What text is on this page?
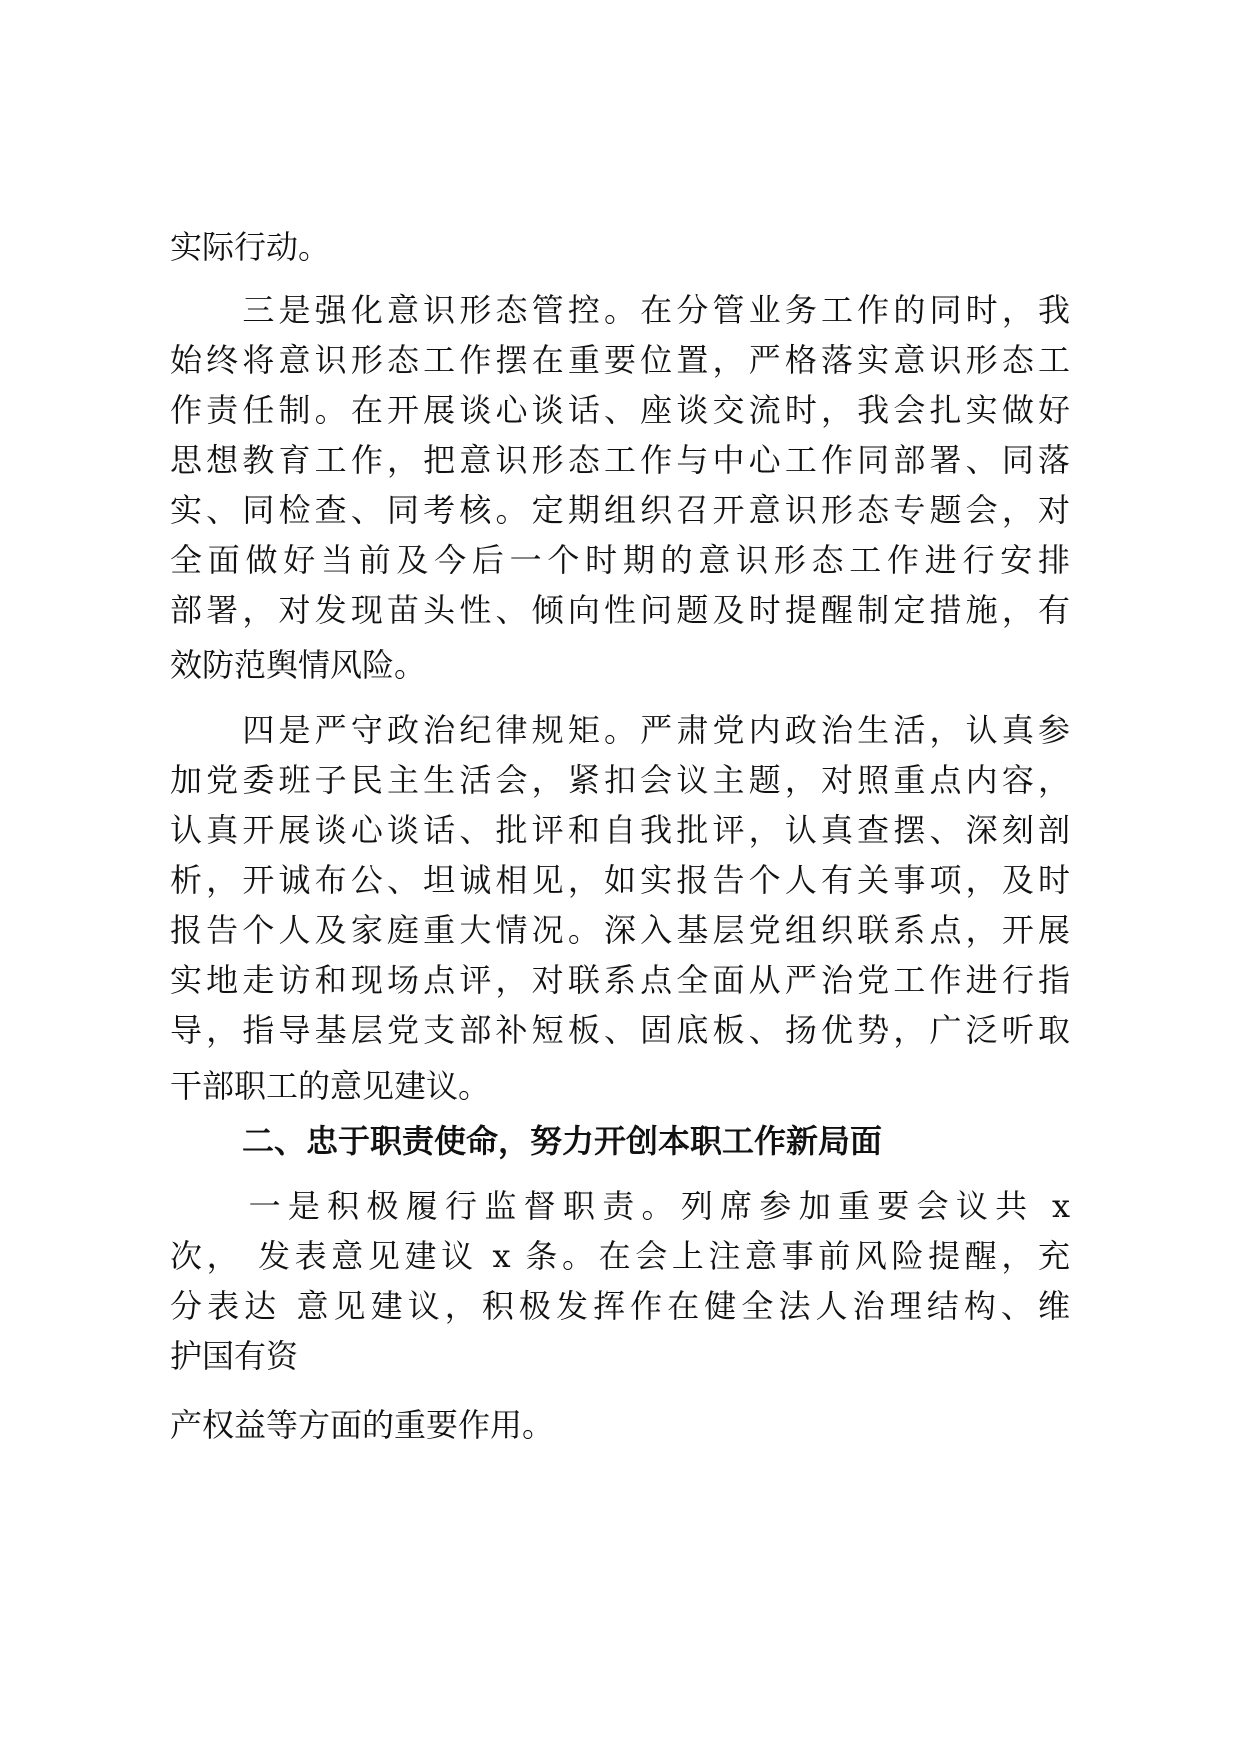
实际行动。
　　三是强化意识形态管控。在分管业务工作的同时，我
始终将意识形态工作摆在重要位置，严格落实意识形态工
作责任制。在开展谈心谈话、座谈交流时，我会扎实做好
思想教育工作，把意识形态工作与中心工作同部署、同落
实、同检查、同考核。定期组织召开意识形态专题会，对
全面做好当前及今后一个时期的意识形态工作进行安排
部署，对发现苗头性、倾向性问题及时提醒制定措施，有
效防范舆情风险。
　　四是严守政治纪律规矩。严肃党内政治生活，认真参
加党委班子民主生活会，紧扣会议主题，对照重点内容，
认真开展谈心谈话、批评和自我批评，认真查摆、深刻剖
析，开诚布公、坦诚相见，如实报告个人有关事项，及时
报告个人及家庭重大情况。深入基层党组织联系点，开展
实地走访和现场点评，对联系点全面从严治党工作进行指
导，指导基层党支部补短板、固底板、扬优势，广泛听取
干部职工的意见建议。
二、忠于职责使命，努力开创本职工作新局面
　　一是积极履行监督职责。列席参加重要会议共 x
次， 发表意见建议 x 条。在会上注意事前风险提醒，充
分表达 意见建议，积极发挥作在健全法人治理结构、维
护国有资
产权益等方面的重要作用。
